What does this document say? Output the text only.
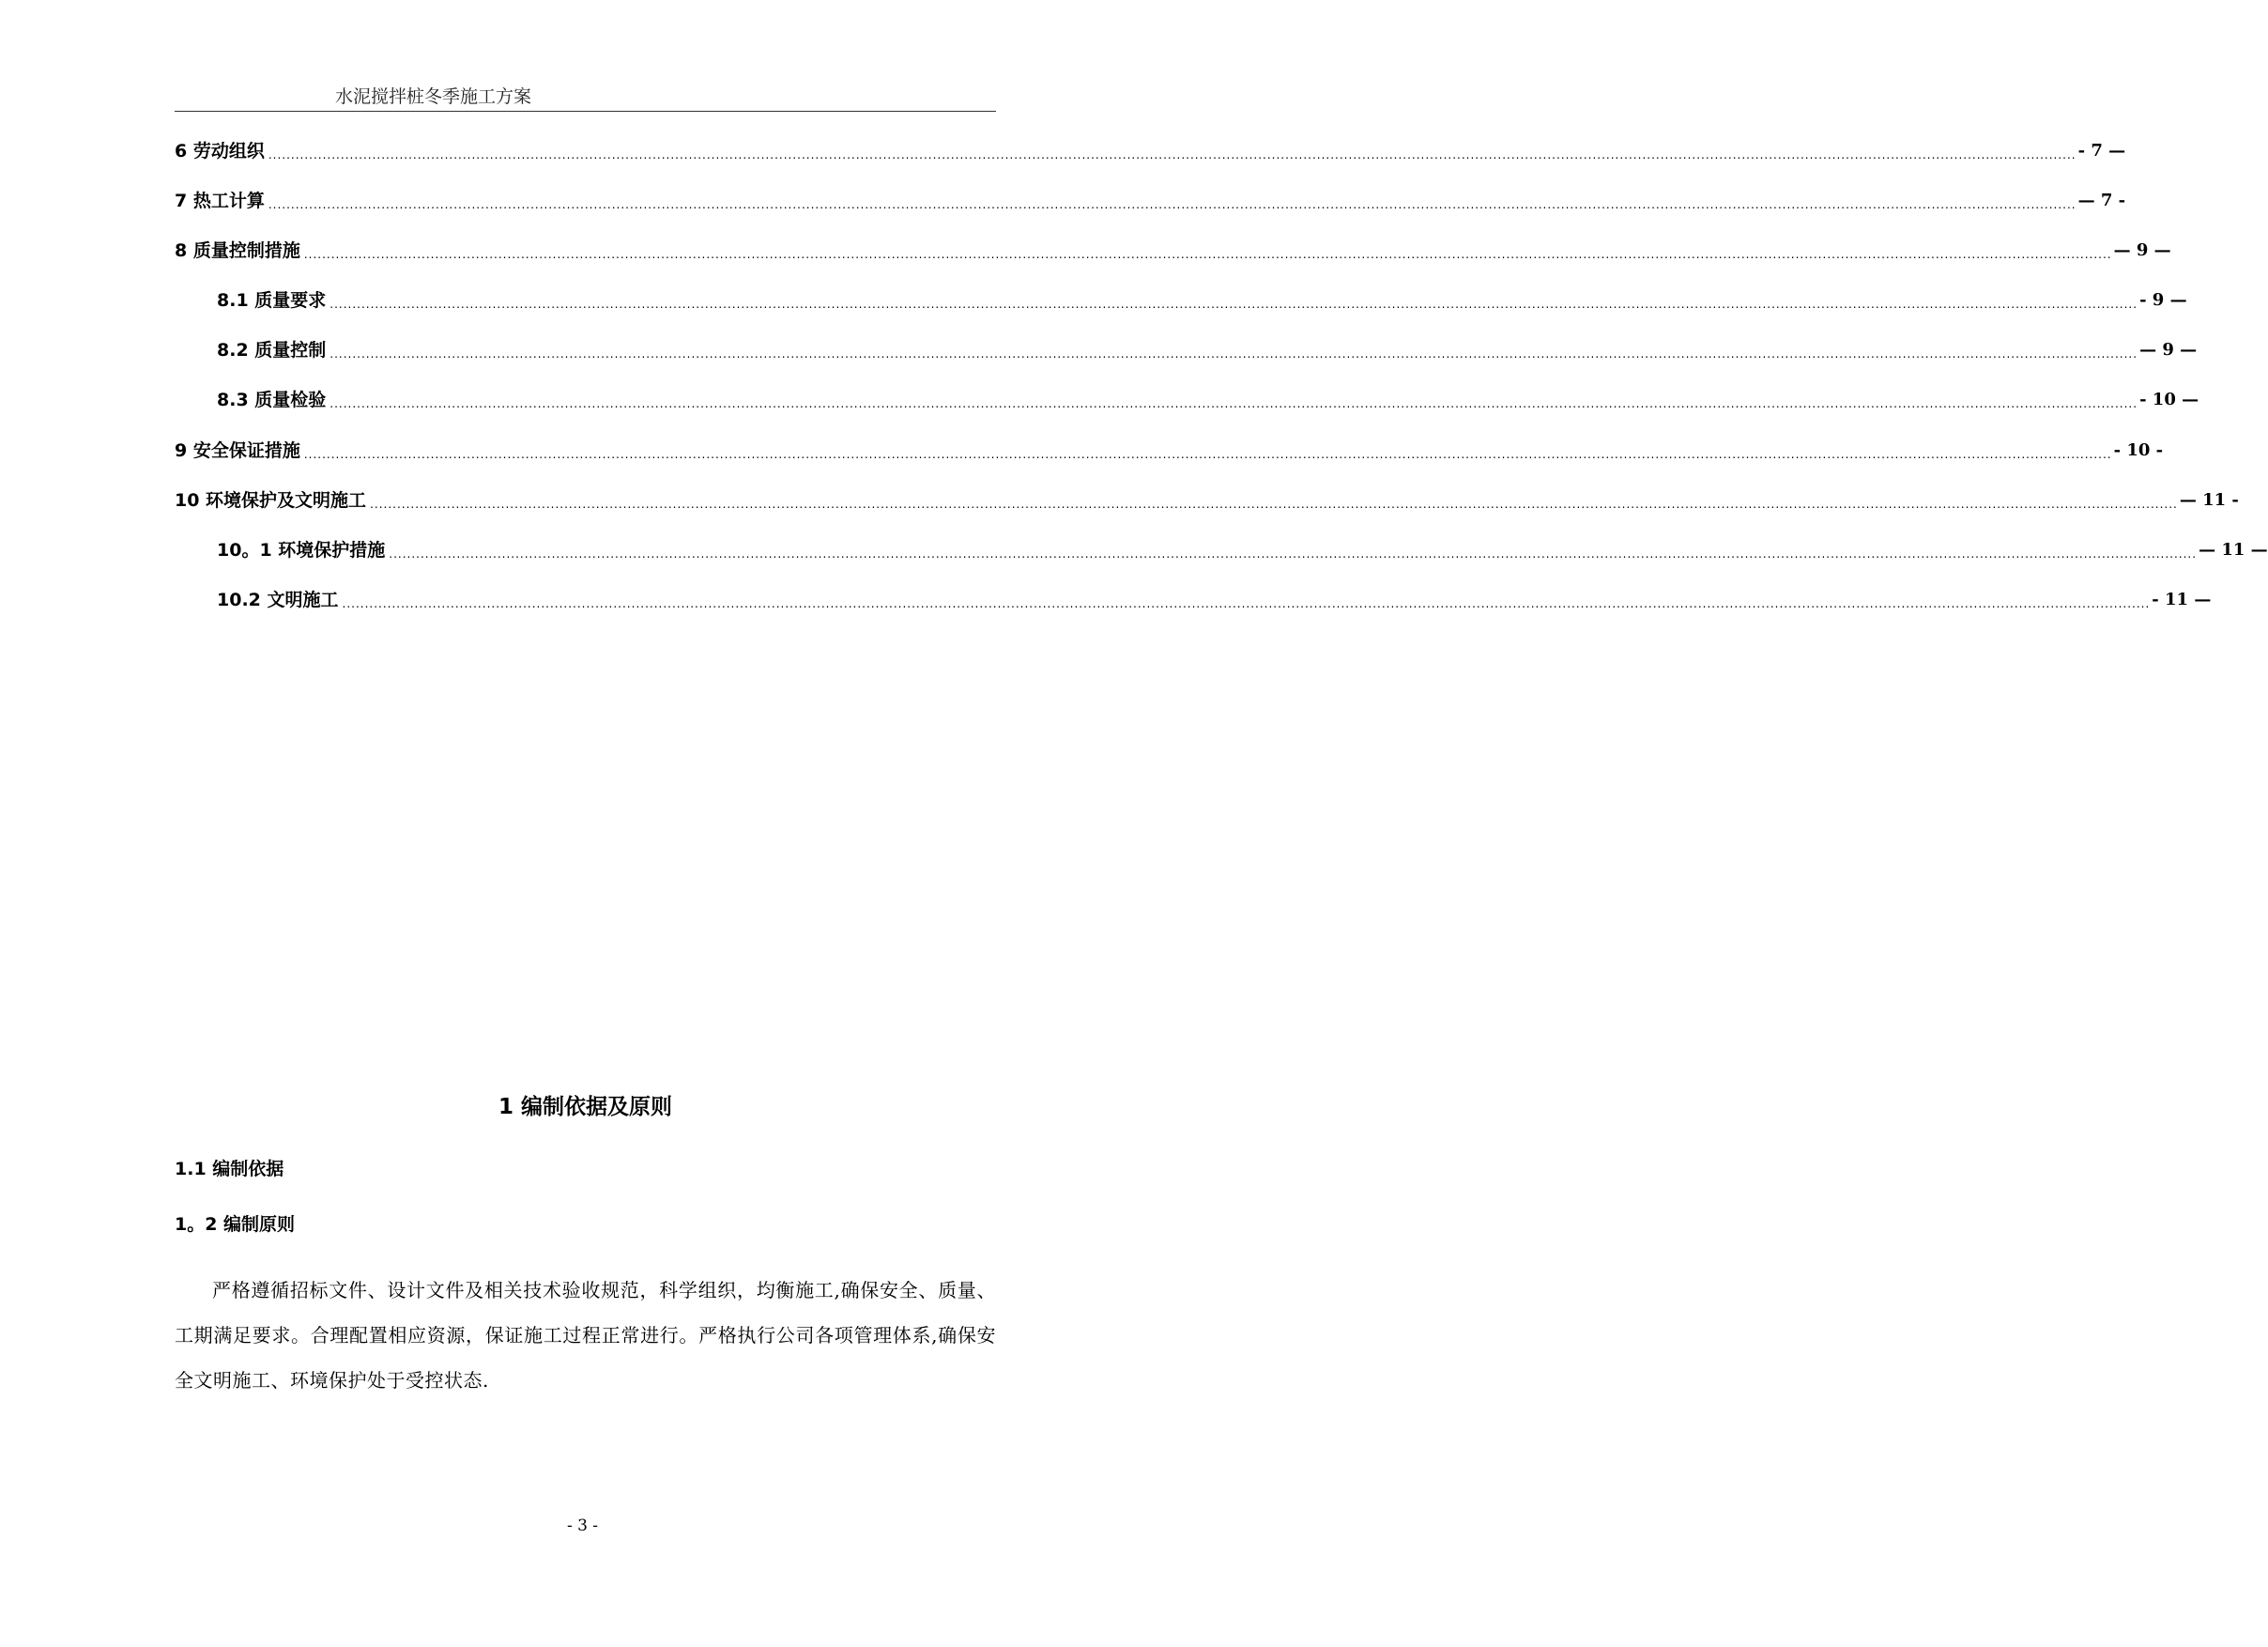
水泥搅拌桩冬季施工方案
6 劳动组织 ................................................................................................................................................................................................................................................................................................................................................................................................................ - 7 —
7 热工计算 ................................................................................................................................................................................................................................................................................................................................................................................................................ — 7 -
8 质量控制措施 ................................................................................................................................................................................................................................................................................................................................................................................................................ — 9 —
8.1 质量要求 ................................................................................................................................................................................................................................................................................................................................................................................................................ - 9 —
8.2 质量控制 ................................................................................................................................................................................................................................................................................................................................................................................................................ — 9 —
8.3 质量检验 ................................................................................................................................................................................................................................................................................................................................................................................................................ - 10 —
9 安全保证措施 ................................................................................................................................................................................................................................................................................................................................................................................................................ - 10 -
10 环境保护及文明施工 ................................................................................................................................................................................................................................................................................................................................................................................................................ — 11 -
10。1 环境保护措施 ................................................................................................................................................................................................................................................................................................................................................................................................................ — 11 —
10.2 文明施工 ................................................................................................................................................................................................................................................................................................................................................................................................................ - 11 —
1 编制依据及原则
1.1 编制依据
1。2 编制原则
严格遵循招标文件、设计文件及相关技术验收规范，科学组织，均衡施工,确保安全、质量、工期满足要求。合理配置相应资源，保证施工过程正常进行。严格执行公司各项管理体系,确保安全文明施工、环境保护处于受控状态.
- 3 -
